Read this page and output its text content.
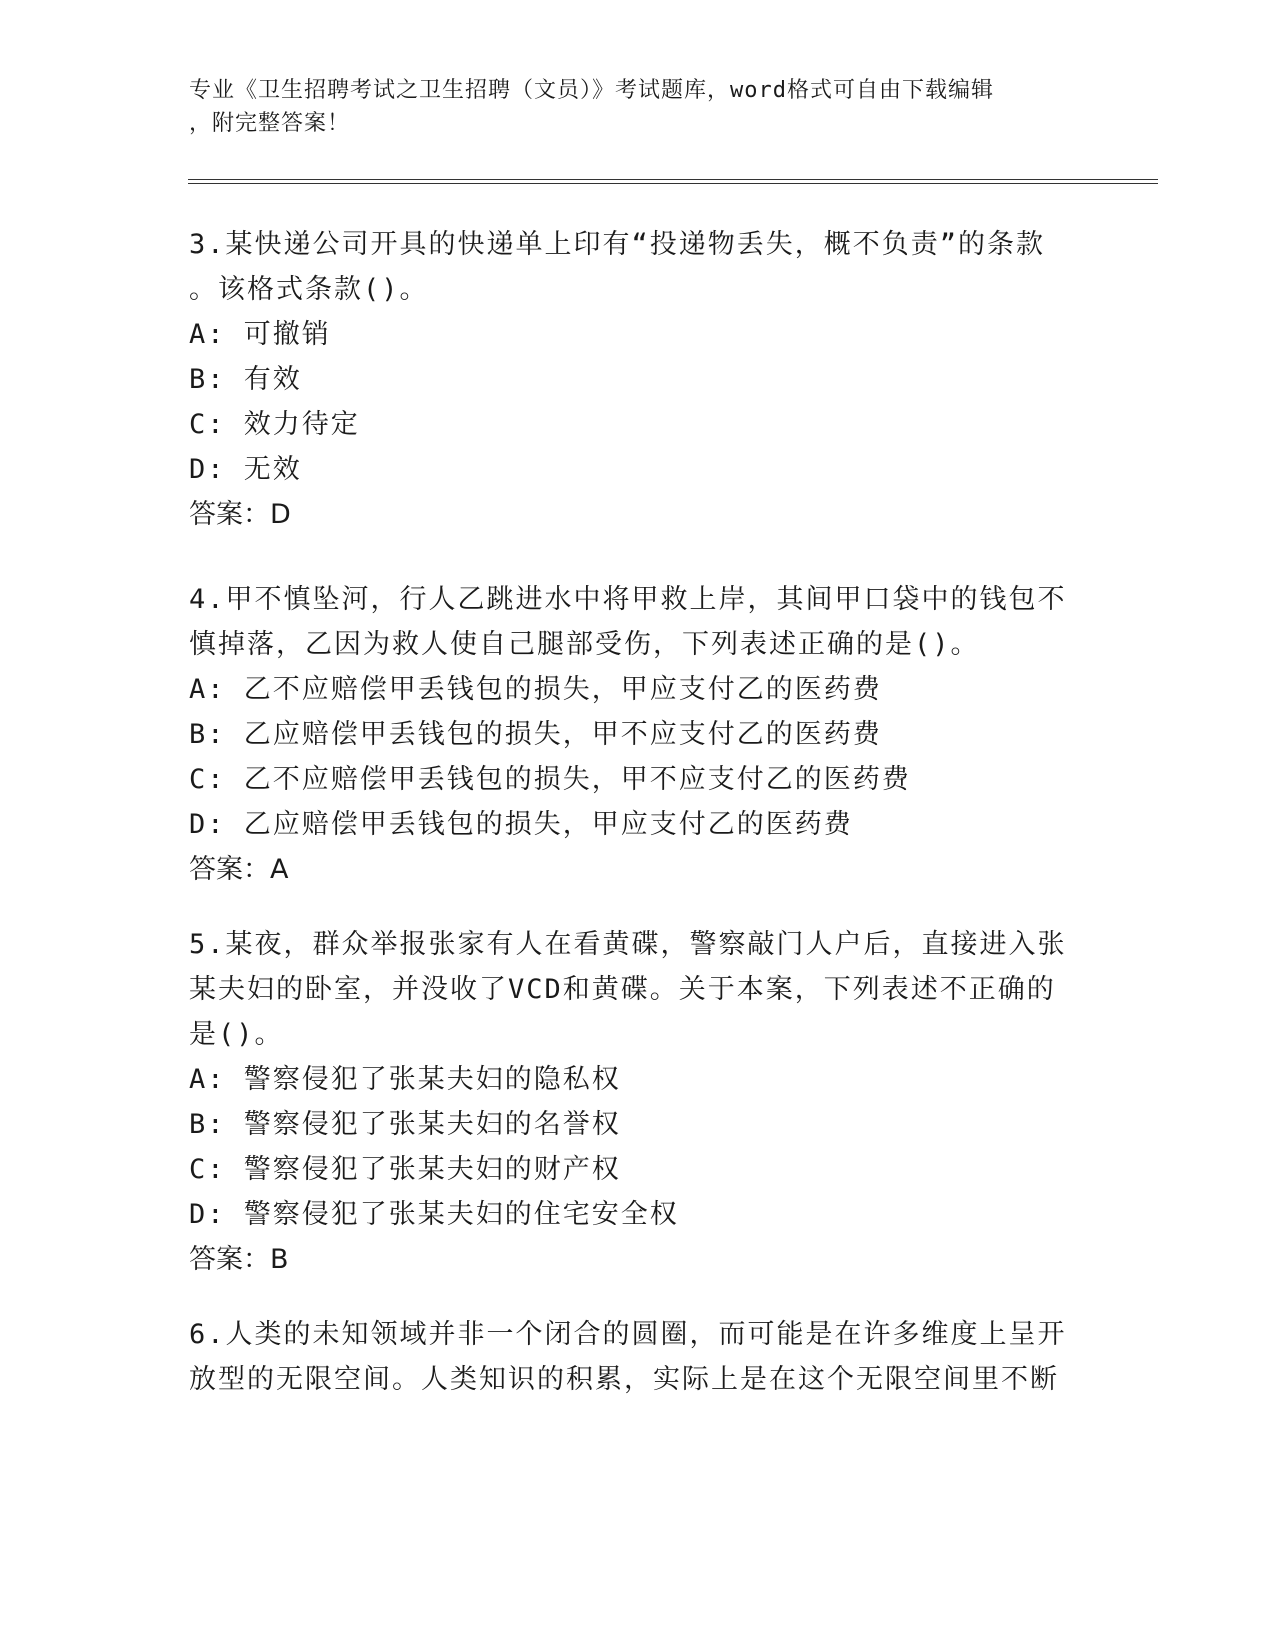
专业《卫生招聘考试之卫生招聘（文员）》考试题库，word格式可自由下载编辑
，附完整答案！

3.某快递公司开具的快递单上印有“投递物丢失，概不负责”的条款

。该格式条款()。

A: 可撤销

B: 有效

C: 效力待定

D: 无效

答案：D

4.甲不慎坠河，行人乙跳进水中将甲救上岸，其间甲口袋中的钱包不

慎掉落，乙因为救人使自己腿部受伤，下列表述正确的是()。

A: 乙不应赔偿甲丢钱包的损失，甲应支付乙的医药费

B: 乙应赔偿甲丢钱包的损失，甲不应支付乙的医药费

C: 乙不应赔偿甲丢钱包的损失，甲不应支付乙的医药费

D: 乙应赔偿甲丢钱包的损失，甲应支付乙的医药费

答案：A

5.某夜，群众举报张家有人在看黄碟，警察敲门人户后，直接进入张

某夫妇的卧室，并没收了VCD和黄碟。关于本案，下列表述不正确的

是()。

A: 警察侵犯了张某夫妇的隐私权

B: 警察侵犯了张某夫妇的名誉权

C: 警察侵犯了张某夫妇的财产权

D: 警察侵犯了张某夫妇的住宅安全权

答案：B

6.人类的未知领域并非一个闭合的圆圈，而可能是在许多维度上呈开

放型的无限空间。人类知识的积累，实际上是在这个无限空间里不断
